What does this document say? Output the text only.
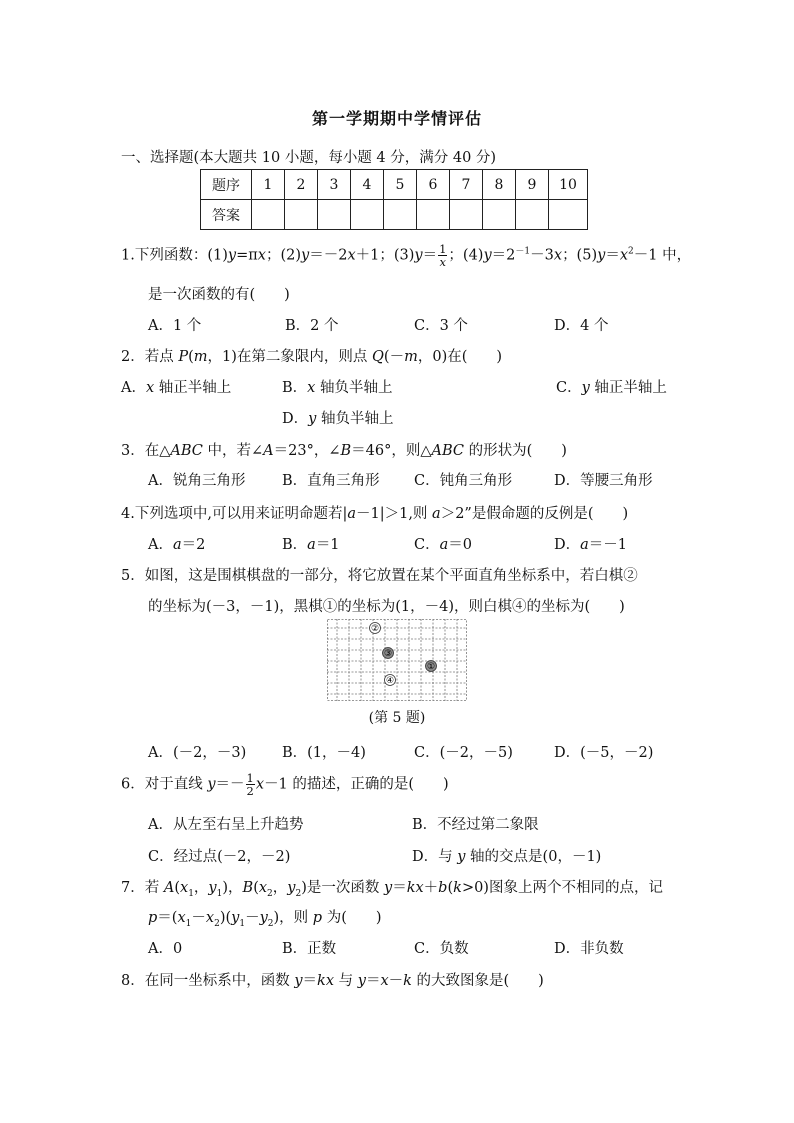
第一学期期中学情评估
一、选择题(本大题共 10 小题，每小题 4 分，满分 40 分)
题序	1	2	3	4	5	6	7	8	9	10
答案										
1.下列函数：(1)y=πx；(2)y＝－2x＋1；$(3)y= \frac{1}{x}$ ；$(4)y=2^{-1}-3x$；$(5)y=x^2-1$ 中，
是一次函数的有(　　)
A．1 个	B．2 个	C．3 个	D．4 个
2．若点 P(m，1)在第二象限内，则点 Q(－m，0)在(　　)
A．x 轴正半轴上	B．x 轴负半轴上	C．y 轴正半轴上
D．y 轴负半轴上
3．在△ABC 中，若∠A＝23°，∠B＝46°，则△ABC 的形状为(　　)
A．锐角三角形	B．直角三角形 C．钝角三角形	D．等腰三角形
4.下列选项中,可以用来证明命题若|a－1|＞1,则 a＞2”是假命题的反例是(　　)
A．a＝2	B．a＝1	C．a＝0	D．a＝－1
5．如图，这是围棋棋盘的一部分，将它放置在某个平面直角坐标系中，若白棋②
的坐标为(－3，－1)，黑棋①的坐标为(1，－4)，则白棋④的坐标为(　　)
②
③
①
④
(第 5 题)
A．(－2，－3) B．(1，－4)	C．(－2，－5)	D．(－5，－2)
6．对于直线 $y=- \frac{1}{2} x-1$ 的描述，正确的是(　　)
A．从左至右呈上升趋势	B．不经过第二象限
C．经过点(－2，－2)	D．与 y 轴的交点是(0，－1)
7．若 $A(x_1$，$y_1$)，$B(x_2$，$y_2$)是一次函数 y＝kx＋b(k>0)图象上两个不相同的点，记
$p=(x_1-x_2)(y_1-y_2)$，则 p 为(　　)
A．0	B．正数	C．负数	D．非负数
8．在同一坐标系中，函数 y＝kx 与 y＝x－k 的大致图象是(　　)
